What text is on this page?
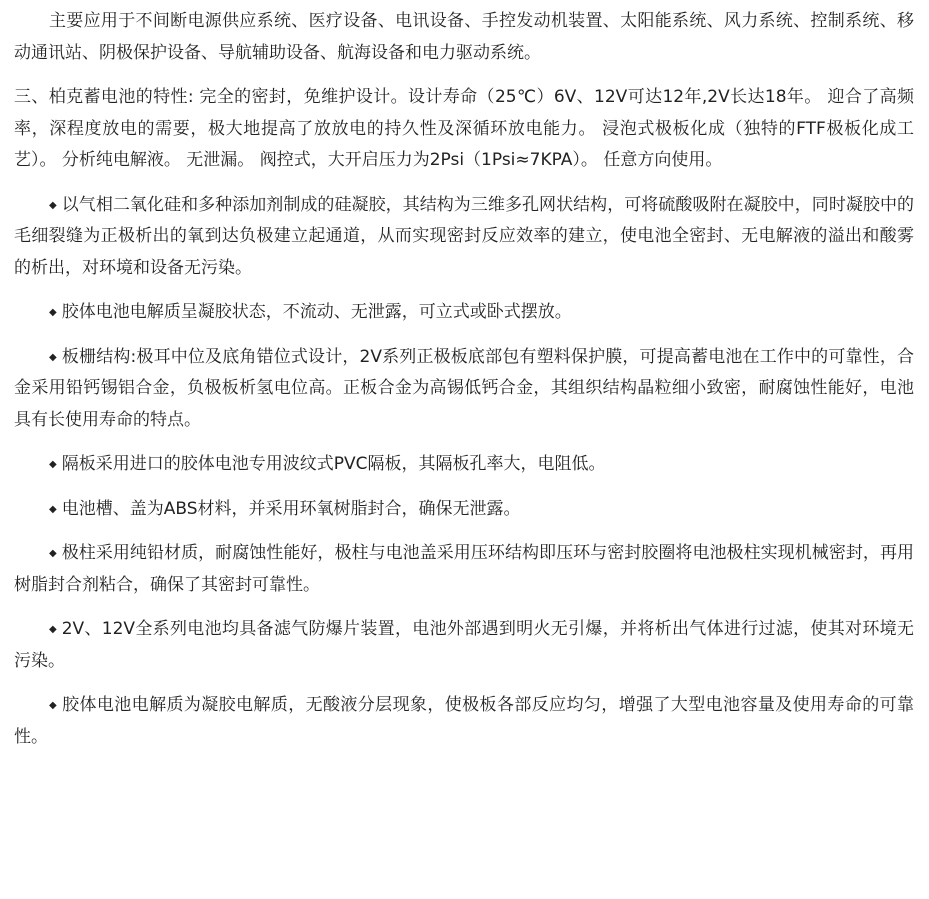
主要应用于不间断电源供应系统、医疗设备、电讯设备、手控发动机装置、太阳能系统、风力系统、控制系统、移动通讯站、阴极保护设备、导航辅助设备、航海设备和电力驱动系统。

三、柏克蓄电池的特性: 完全的密封，免维护设计。设计寿命（25℃）6V、12V可达12年,2V长达18年。 迎合了高频率，深程度放电的需要，极大地提高了放放电的持久性及深循环放电能力。 浸泡式极板化成（独特的FTF极板化成工艺）。 分析纯电解液。 无泄漏。 阀控式，大开启压力为2Psi（1Psi≈7KPA）。 任意方向使用。

◆ 以气相二氧化硅和多种添加剂制成的硅凝胶，其结构为三维多孔网状结构，可将硫酸吸附在凝胶中，同时凝胶中的毛细裂缝为正极析出的氧到达负极建立起通道，从而实现密封反应效率的建立，使电池全密封、无电解液的溢出和酸雾的析出，对环境和设备无污染。

◆ 胶体电池电解质呈凝胶状态，不流动、无泄露，可立式或卧式摆放。

◆ 板栅结构:极耳中位及底角错位式设计，2V系列正极板底部包有塑料保护膜，可提高蓄电池在工作中的可靠性，合金采用铅钙锡铝合金，负极板析氢电位高。正板合金为高锡低钙合金，其组织结构晶粒细小致密，耐腐蚀性能好，电池具有长使用寿命的特点。

◆ 隔板采用进口的胶体电池专用波纹式PVC隔板，其隔板孔率大，电阻低。

◆ 电池槽、盖为ABS材料，并采用环氧树脂封合，确保无泄露。

◆ 极柱采用纯铅材质，耐腐蚀性能好，极柱与电池盖采用压环结构即压环与密封胶圈将电池极柱实现机械密封，再用树脂封合剂粘合，确保了其密封可靠性。

◆ 2V、12V全系列电池均具备滤气防爆片装置，电池外部遇到明火无引爆，并将析出气体进行过滤，使其对环境无污染。

◆ 胶体电池电解质为凝胶电解质，无酸液分层现象，使极板各部反应均匀，增强了大型电池容量及使用寿命的可靠性。
